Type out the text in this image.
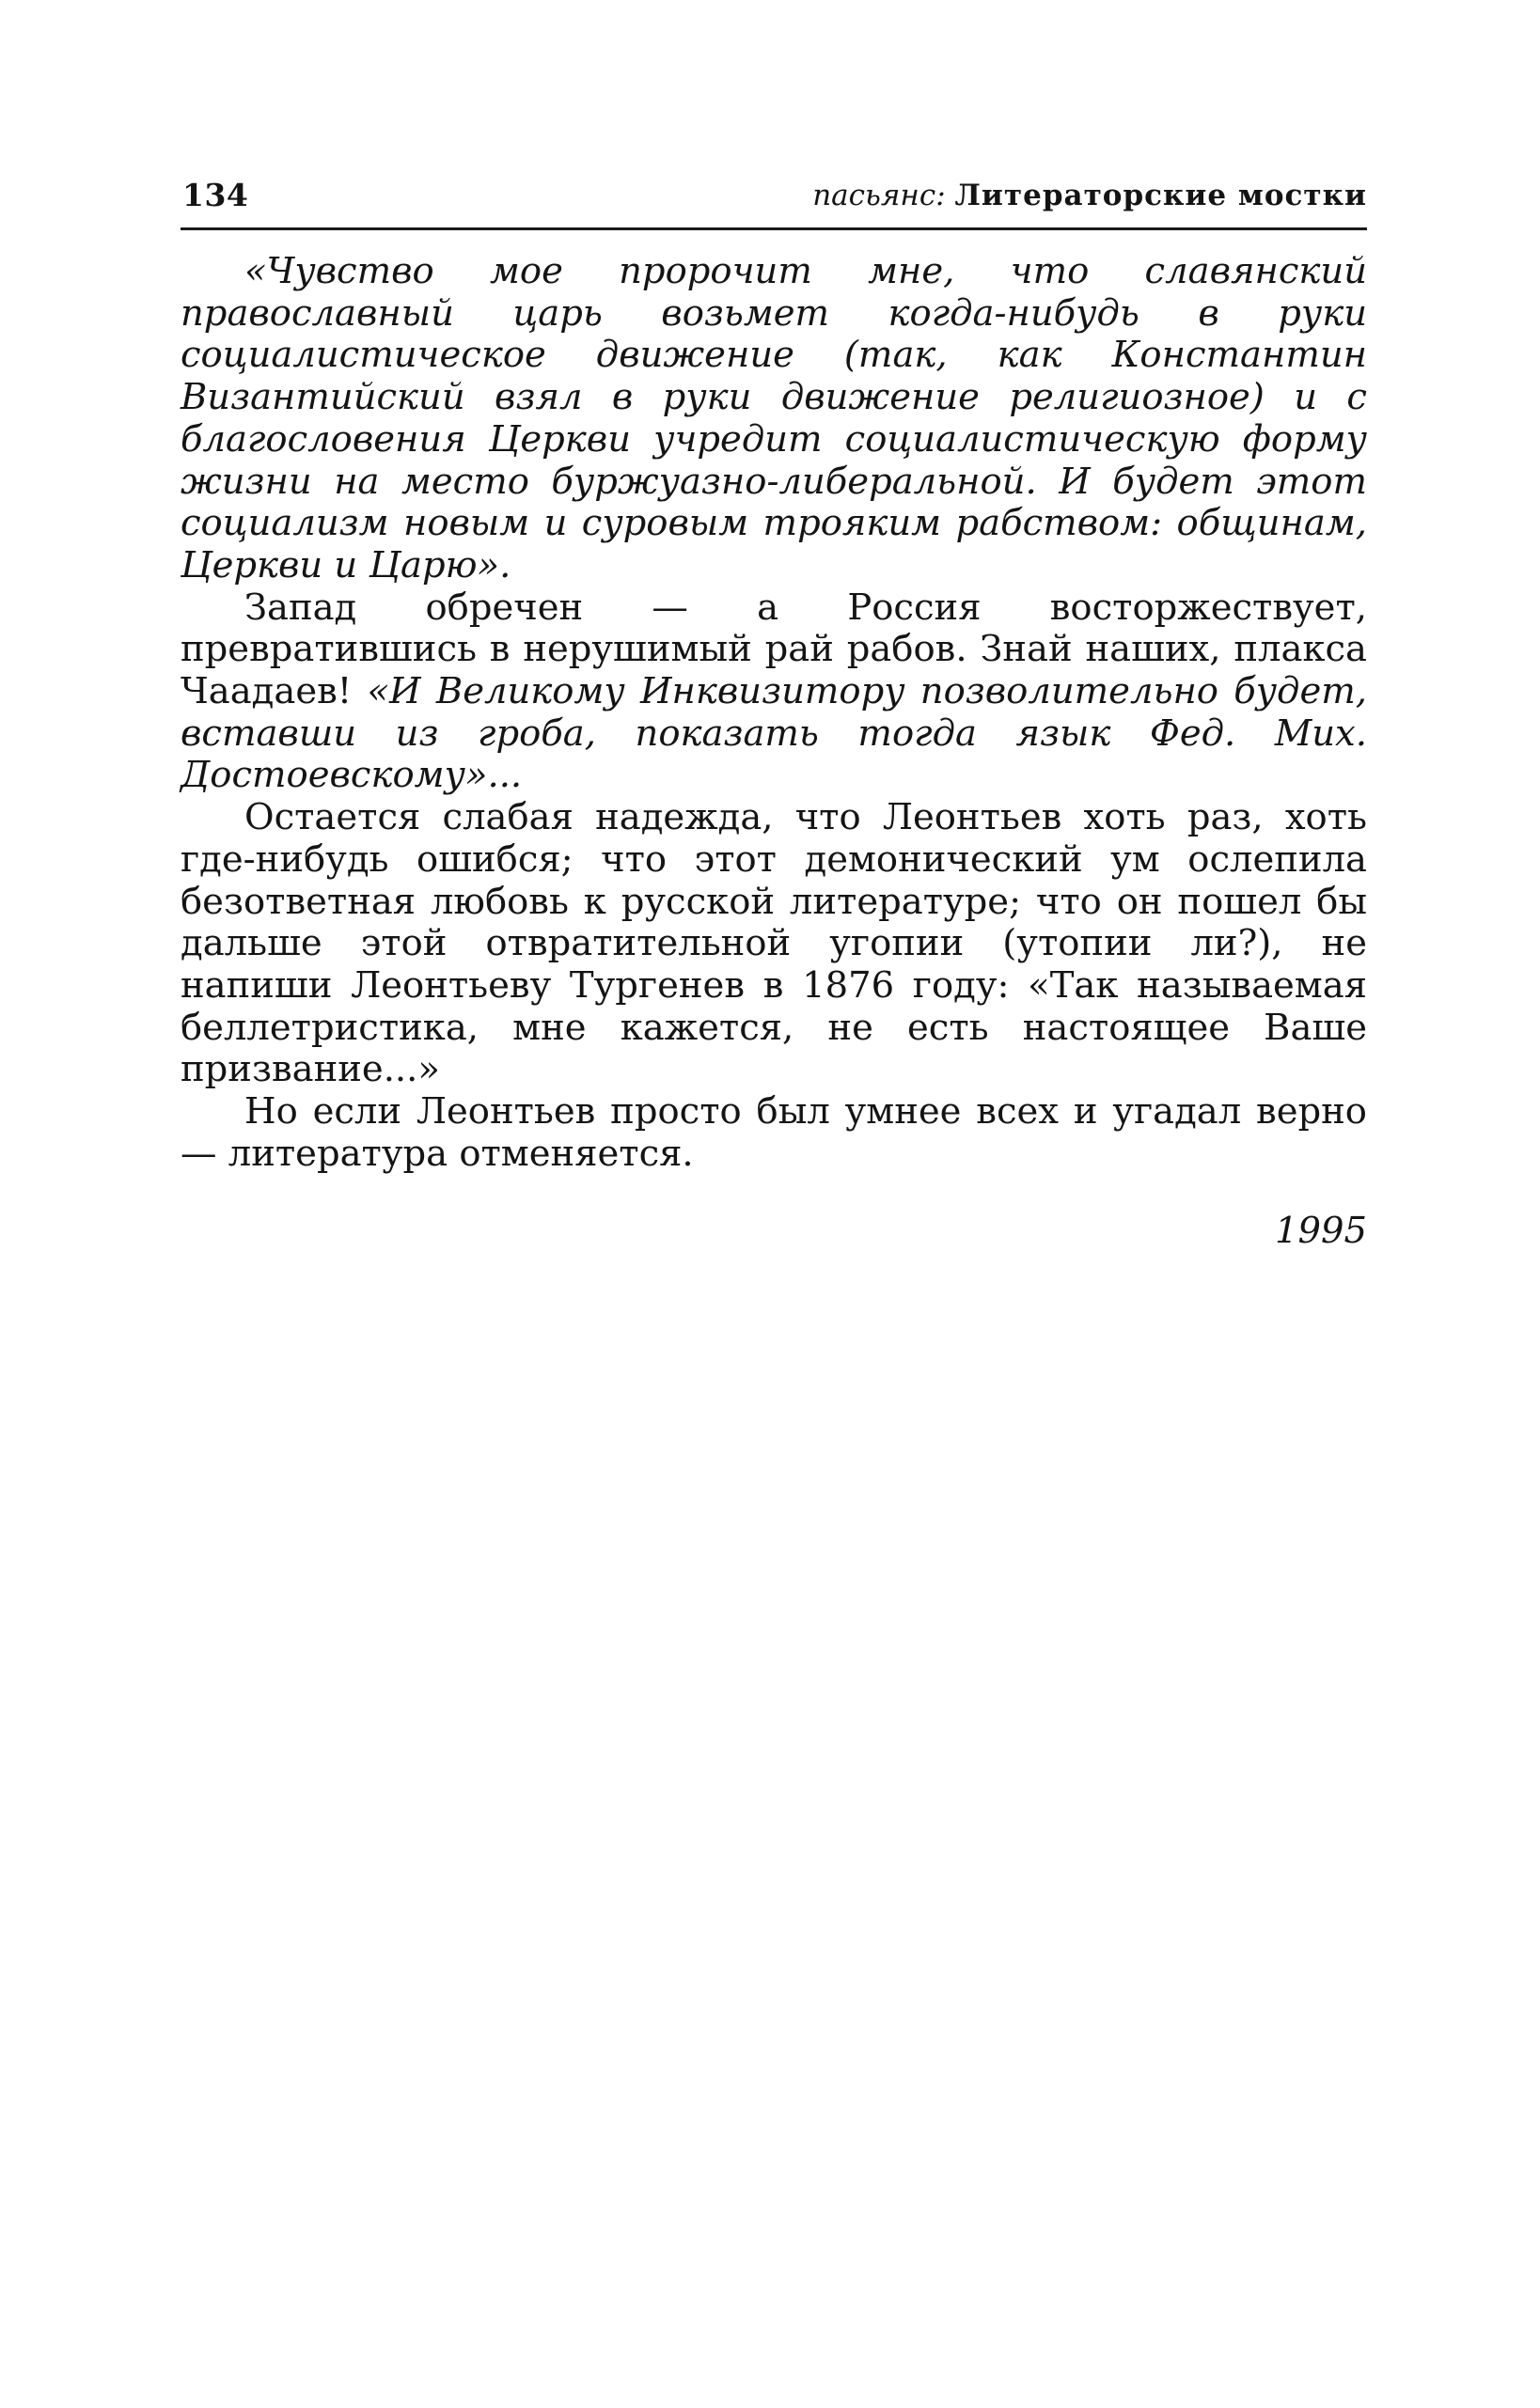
134	пасьянс: Литераторские мостки

«Чувство мое пророчит мне, что славянский православный царь возьмет когда-нибудь в руки социалистическое движение (так, как Константин Византийский взял в руки движение религиозное) и с благословения Церкви учредит социалистическую форму жизни на место буржуазно-либеральной. И будет этот социализм новым и суровым трояким рабством: общинам, Церкви и Царю».

Запад обречен — а Россия восторжествует, превратившись в нерушимый рай рабов. Знай наших, плакса Чаадаев! «И Великому Инквизитору позволительно будет, вставши из гроба, показать тогда язык Фед. Мих. Достоевскому»...

Остается слабая надежда, что Леонтьев хоть раз, хоть где-нибудь ошибся; что этот демонический ум ослепила безответная любовь к русской литературе; что он пошел бы дальше этой отвратительной угопии (утопии ли?), не напиши Леонтьеву Тургенев в 1876 году: «Так называемая беллетристика, мне кажется, не есть настоящее Ваше призвание...»

Но если Леонтьев просто был умнее всех и угадал верно — литература отменяется.

1995
